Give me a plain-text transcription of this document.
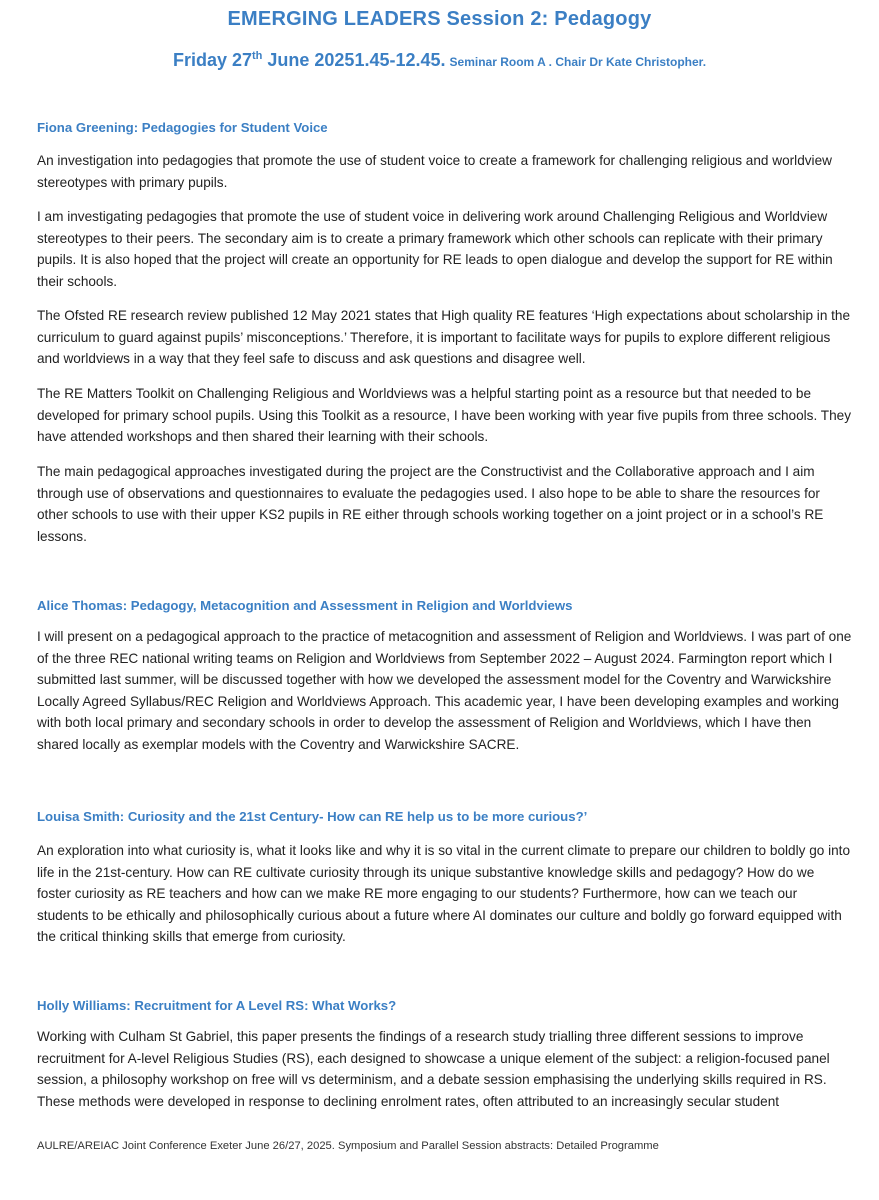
EMERGING LEADERS Session 2: Pedagogy
Friday 27th June 20251.45-12.45. Seminar Room A . Chair Dr Kate Christopher.
Fiona Greening: Pedagogies for Student Voice

An investigation into pedagogies that promote the use of student voice to create a framework for challenging religious and worldview stereotypes with primary pupils.

I am investigating pedagogies that promote the use of student voice in delivering work around Challenging Religious and Worldview stereotypes to their peers. The secondary aim is to create a primary framework which other schools can replicate with their primary pupils. It is also hoped that the project will create an opportunity for RE leads to open dialogue and develop the support for RE within their schools.

The Ofsted RE research review published 12 May 2021 states that High quality RE features ‘High expectations about scholarship in the curriculum to guard against pupils’ misconceptions.’ Therefore, it is important to facilitate ways for pupils to explore different religious and worldviews in a way that they feel safe to discuss and ask questions and disagree well.

The RE Matters Toolkit on Challenging Religious and Worldviews was a helpful starting point as a resource but that needed to be developed for primary school pupils. Using this Toolkit as a resource, I have been working with year five pupils from three schools. They have attended workshops and then shared their learning with their schools.

The main pedagogical approaches investigated during the project are the Constructivist and the Collaborative approach and I aim through use of observations and questionnaires to evaluate the pedagogies used. I also hope to be able to share the resources for other schools to use with their upper KS2 pupils in RE either through schools working together on a joint project or in a school’s RE lessons.

Alice Thomas: Pedagogy, Metacognition and Assessment in Religion and Worldviews

I will present on a pedagogical approach to the practice of metacognition and assessment of Religion and Worldviews. I was part of one of the three REC national writing teams on Religion and Worldviews from September 2022 – August 2024. Farmington report which I submitted last summer, will be discussed together with how we developed the assessment model for the Coventry and Warwickshire Locally Agreed Syllabus/REC Religion and Worldviews Approach. This academic year, I have been developing examples and working with both local primary and secondary schools in order to develop the assessment of Religion and Worldviews, which I have then shared locally as exemplar models with the Coventry and Warwickshire SACRE.

Louisa Smith: Curiosity and the 21st Century- How can RE help us to be more curious?’

An exploration into what curiosity is, what it looks like and why it is so vital in the current climate to prepare our children to boldly go into life in the 21st-century. How can RE cultivate curiosity through its unique substantive knowledge skills and pedagogy? How do we foster curiosity as RE teachers and how can we make RE more engaging to our students? Furthermore, how can we teach our students to be ethically and philosophically curious about a future where AI dominates our culture and boldly go forward equipped with the critical thinking skills that emerge from curiosity.

Holly Williams: Recruitment for A Level RS: What Works?

Working with Culham St Gabriel, this paper presents the findings of a research study trialling three different sessions to improve recruitment for A-level Religious Studies (RS), each designed to showcase a unique element of the subject: a religion-focused panel session, a philosophy workshop on free will vs determinism, and a debate session emphasising the underlying skills required in RS. These methods were developed in response to declining enrolment rates, often attributed to an increasingly secular student

AULRE/AREIAC Joint Conference Exeter June 26/27, 2025. Symposium and Parallel Session abstracts: Detailed Programme
